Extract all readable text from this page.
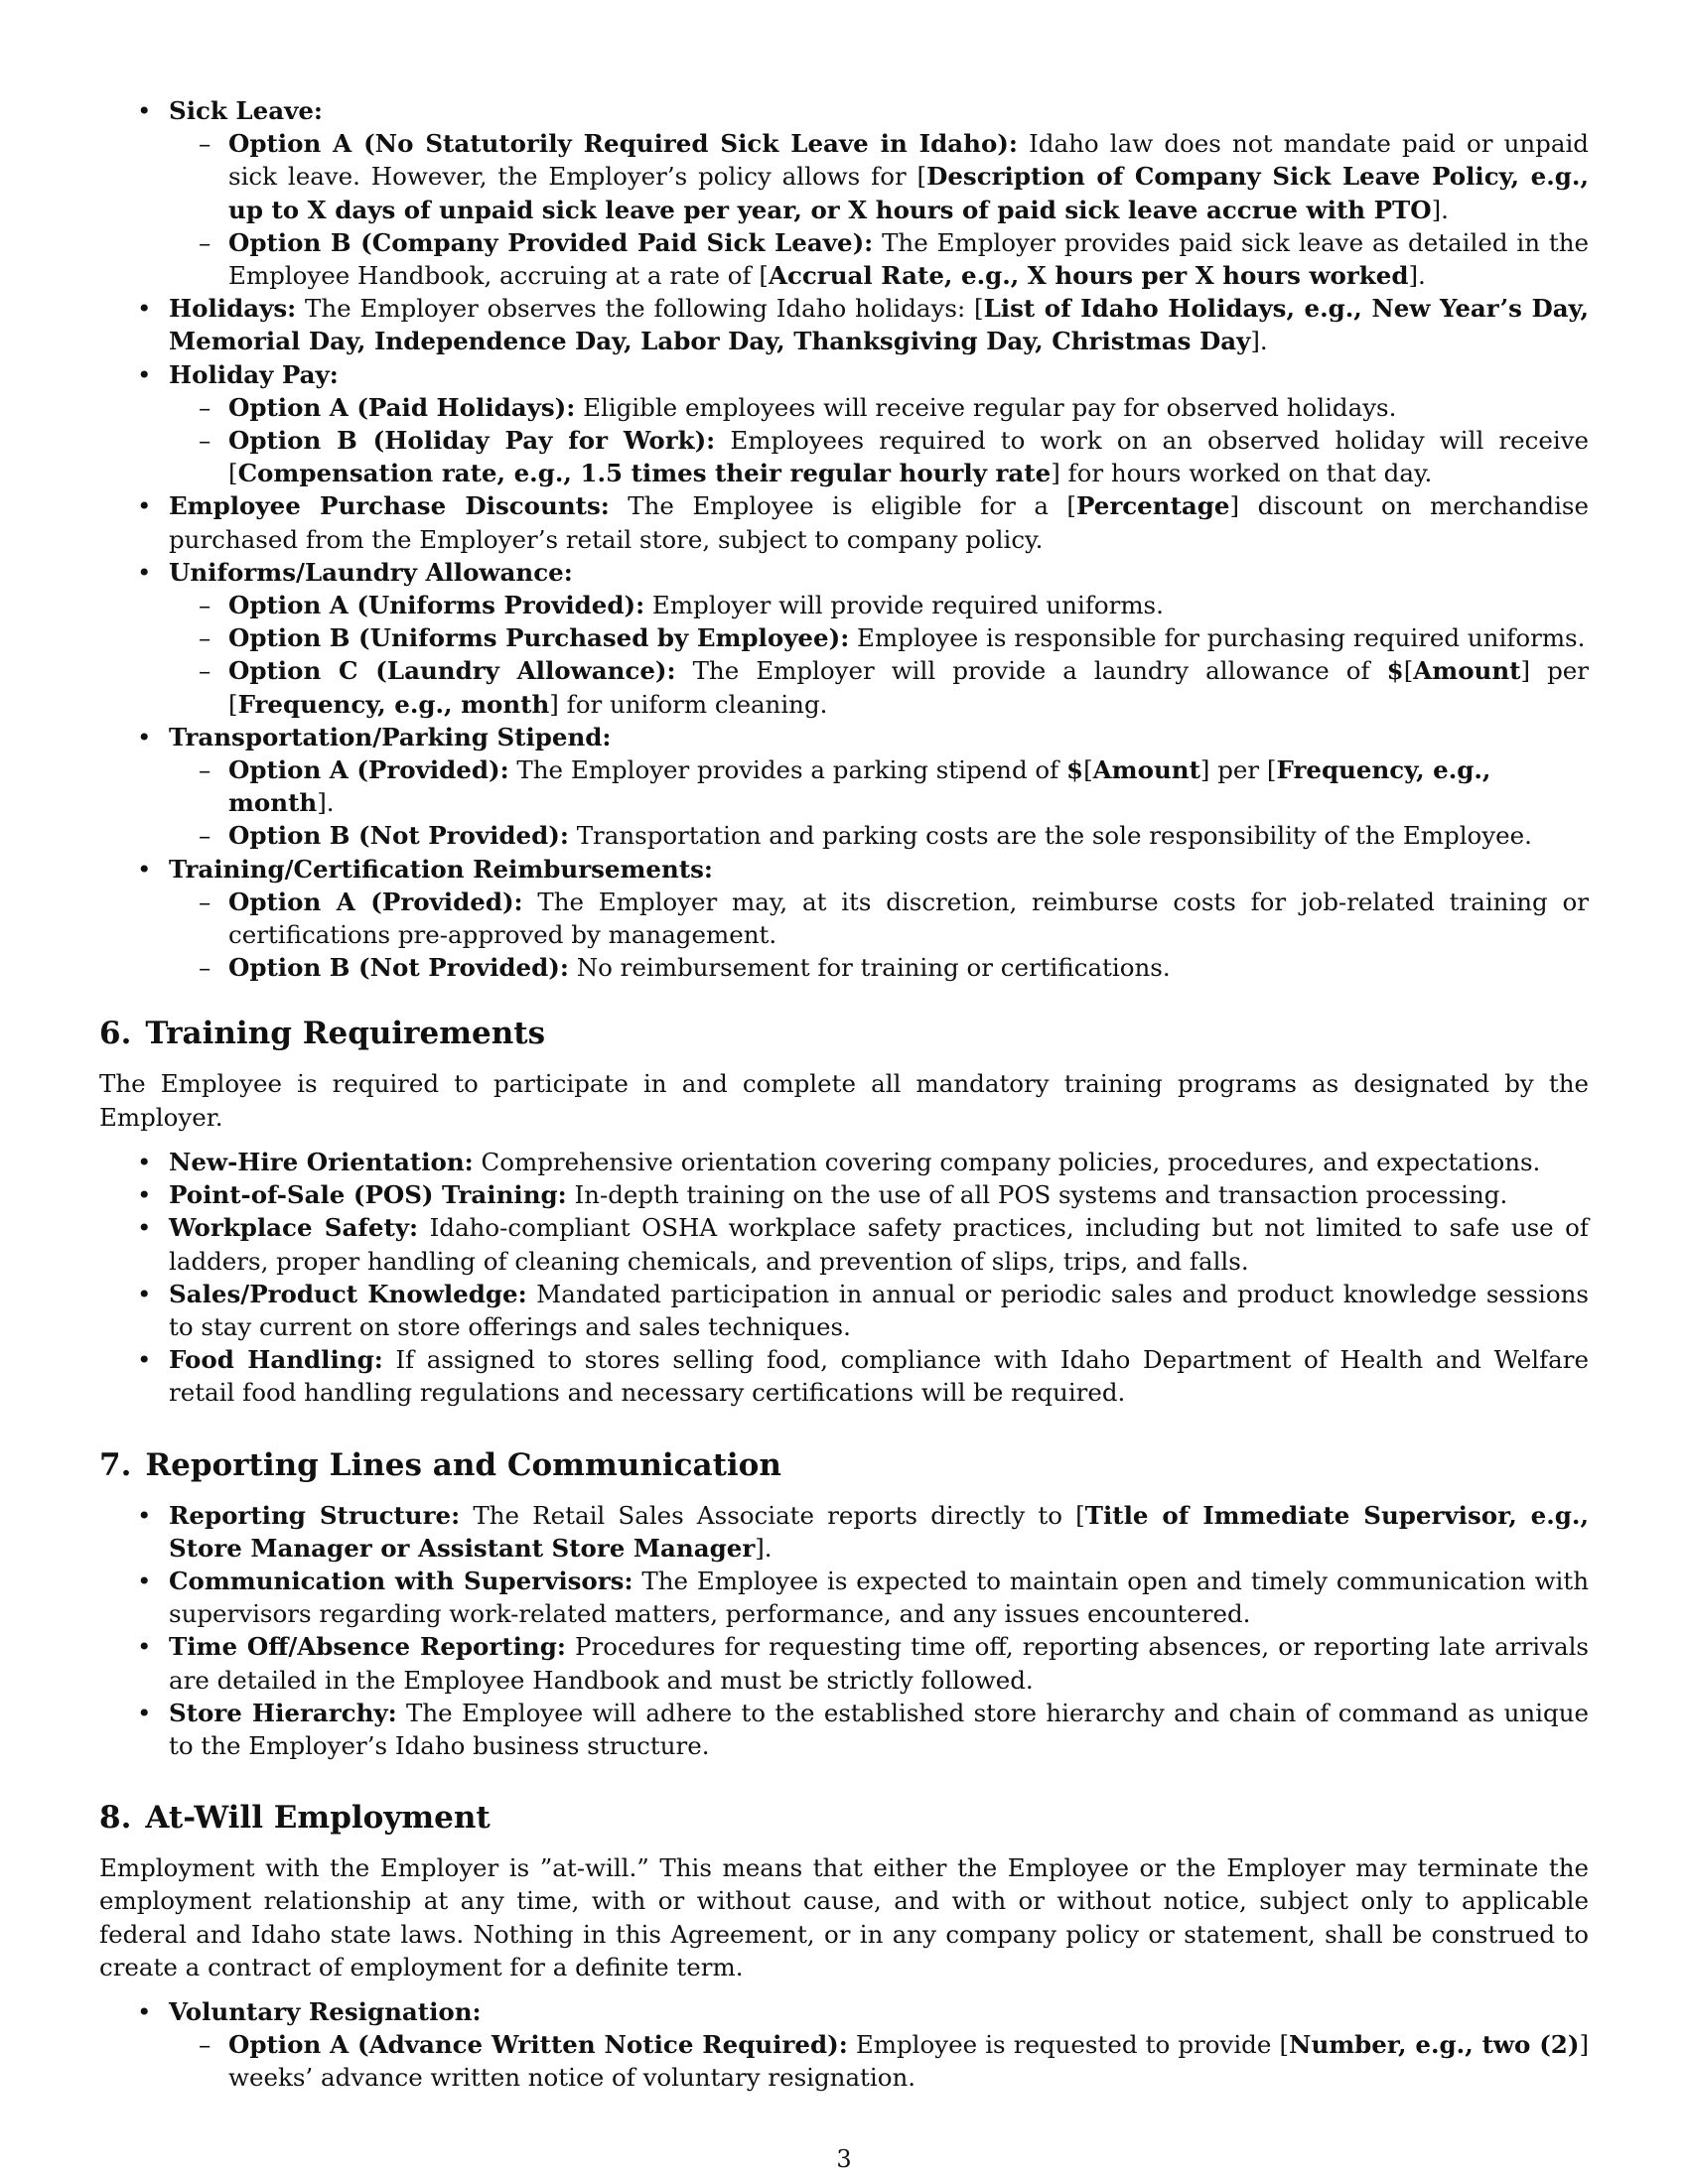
• Sick Leave:
– Option A (No Statutorily Required Sick Leave in Idaho): Idaho law does not mandate paid or unpaid sick leave. However, the Employer’s policy allows for [Description of Company Sick Leave Policy, e.g., up to X days of unpaid sick leave per year, or X hours of paid sick leave accrue with PTO].
– Option B (Company Provided Paid Sick Leave): The Employer provides paid sick leave as detailed in the Employee Handbook, accruing at a rate of [Accrual Rate, e.g., X hours per X hours worked].
• Holidays: The Employer observes the following Idaho holidays: [List of Idaho Holidays, e.g., New Year’s Day, Memorial Day, Independence Day, Labor Day, Thanksgiving Day, Christmas Day].
• Holiday Pay:
– Option A (Paid Holidays): Eligible employees will receive regular pay for observed holidays.
– Option B (Holiday Pay for Work): Employees required to work on an observed holiday will receive [Compensation rate, e.g., 1.5 times their regular hourly rate] for hours worked on that day.
• Employee Purchase Discounts: The Employee is eligible for a [Percentage] discount on merchandise purchased from the Employer’s retail store, subject to company policy.
• Uniforms/Laundry Allowance:
– Option A (Uniforms Provided): Employer will provide required uniforms.
– Option B (Uniforms Purchased by Employee): Employee is responsible for purchasing required uniforms.
– Option C (Laundry Allowance): The Employer will provide a laundry allowance of $[Amount] per [Frequency, e.g., month] for uniform cleaning.
• Transportation/Parking Stipend:
– Option A (Provided): The Employer provides a parking stipend of $[Amount] per [Frequency, e.g., month].
– Option B (Not Provided): Transportation and parking costs are the sole responsibility of the Employee.
• Training/Certification Reimbursements:
– Option A (Provided): The Employer may, at its discretion, reimburse costs for job-related training or certifications pre-approved by management.
– Option B (Not Provided): No reimbursement for training or certifications.
6. Training Requirements

The Employee is required to participate in and complete all mandatory training programs as designated by the Employer.

• New-Hire Orientation: Comprehensive orientation covering company policies, procedures, and expectations.
• Point-of-Sale (POS) Training: In-depth training on the use of all POS systems and transaction processing.
• Workplace Safety: Idaho-compliant OSHA workplace safety practices, including but not limited to safe use of ladders, proper handling of cleaning chemicals, and prevention of slips, trips, and falls.
• Sales/Product Knowledge: Mandated participation in annual or periodic sales and product knowledge sessions to stay current on store offerings and sales techniques.
• Food Handling: If assigned to stores selling food, compliance with Idaho Department of Health and Welfare retail food handling regulations and necessary certifications will be required.
7. Reporting Lines and Communication
• Reporting Structure: The Retail Sales Associate reports directly to [Title of Immediate Supervisor, e.g., Store Manager or Assistant Store Manager].
• Communication with Supervisors: The Employee is expected to maintain open and timely communication with supervisors regarding work-related matters, performance, and any issues encountered.
• Time Off/Absence Reporting: Procedures for requesting time off, reporting absences, or reporting late arrivals are detailed in the Employee Handbook and must be strictly followed.
• Store Hierarchy: The Employee will adhere to the established store hierarchy and chain of command as unique to the Employer’s Idaho business structure.
8. At-Will Employment

Employment with the Employer is ”at-will.” This means that either the Employee or the Employer may terminate the employment relationship at any time, with or without cause, and with or without notice, subject only to applicable federal and Idaho state laws. Nothing in this Agreement, or in any company policy or statement, shall be construed to create a contract of employment for a definite term.

• Voluntary Resignation:
– Option A (Advance Written Notice Required): Employee is requested to provide [Number, e.g., two (2)] weeks’ advance written notice of voluntary resignation.
3
